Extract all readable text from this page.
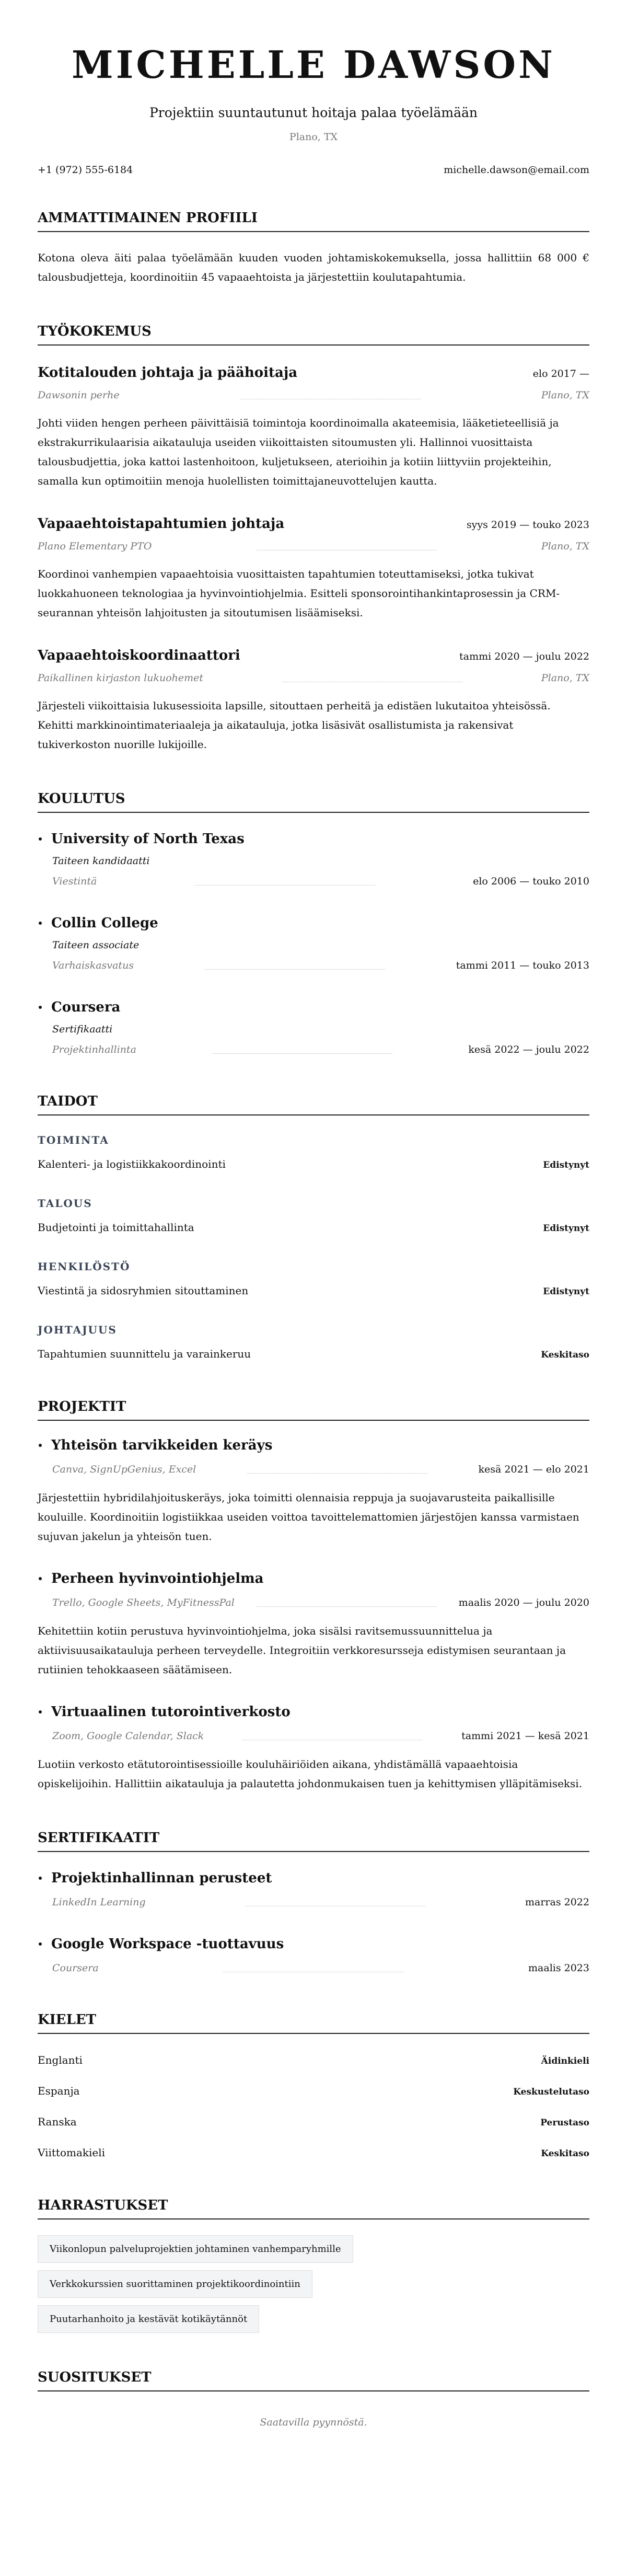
MICHELLE DAWSON
Projektiin suuntautunut hoitaja palaa työelämään
Plano, TX
+1 (972) 555-6184	michelle.dawson@email.com
AMMATTIMAINEN PROFIILI

Kotona oleva äiti palaa työelämään kuuden vuoden johtamiskokemuksella, jossa hallittiin 68 000 € talousbudjetteja, koordinoitiin 45 vapaaehtoista ja järjestettiin koulutapahtumia.

TYÖKOKEMUS
Kotitalouden johtaja ja päähoitaja	elo 2017 —
Dawsonin perhe	Plano, TX

Johti viiden hengen perheen päivittäisiä toimintoja koordinoimalla akateemisia, lääketieteellisiä ja ekstrakurrikulaarisia aikatauluja useiden viikoittaisten sitoumusten yli. Hallinnoi vuosittaista talousbudjettia, joka kattoi lastenhoitoon, kuljetukseen, aterioihin ja kotiin liittyviin projekteihin, samalla kun optimoitiin menoja huolellisten toimittajaneuvottelujen kautta.

Vapaaehtoistapahtumien johtaja	syys 2019 — touko 2023
Plano Elementary PTO	Plano, TX

Koordinoi vanhempien vapaaehtoisia vuosittaisten tapahtumien toteuttamiseksi, jotka tukivat luokkahuoneen teknologiaa ja hyvinvointiohjelmia. Esitteli sponsorointihankintaprosessin ja CRM-seurannan yhteisön lahjoitusten ja sitoutumisen lisäämiseksi.

Vapaaehtoiskoordinaattori	tammi 2020 — joulu 2022
Paikallinen kirjaston lukuohemet	Plano, TX

Järjesteli viikoittaisia lukusessioita lapsille, sitouttaen perheitä ja edistäen lukutaitoa yhteisössä. Kehitti markkinointimateriaaleja ja aikatauluja, jotka lisäsivät osallistumista ja rakensivat tukiverkoston nuorille lukijoille.

KOULUTUS
University of North Texas
Taiteen kandidaatti
Viestintä	elo 2006 — touko 2010
Collin College
Taiteen associate
Varhaiskasvatus	tammi 2011 — touko 2013
Coursera
Sertifikaatti
Projektinhallinta	kesä 2022 — joulu 2022
TAIDOT
TOIMINTA
Kalenteri- ja logistiikkakoordinointi	Edistynyt
TALOUS
Budjetointi ja toimittahallinta	Edistynyt
HENKILÖSTÖ
Viestintä ja sidosryhmien sitouttaminen	Edistynyt
JOHTAJUUS
Tapahtumien suunnittelu ja varainkeruu	Keskitaso
PROJEKTIT
Yhteisön tarvikkeiden keräys
Canva, SignUpGenius, Excel	kesä 2021 — elo 2021

Järjestettiin hybridilahjoituskeräys, joka toimitti olennaisia reppuja ja suojavarusteita paikallisille kouluille. Koordinoitiin logistiikkaa useiden voittoa tavoittelemattomien järjestöjen kanssa varmistaen sujuvan jakelun ja yhteisön tuen.

Perheen hyvinvointiohjelma
Trello, Google Sheets, MyFitnessPal	maalis 2020 — joulu 2020

Kehitettiin kotiin perustuva hyvinvointiohjelma, joka sisälsi ravitsemussuunnittelua ja aktiivisuusaikatauluja perheen terveydelle. Integroitiin verkkoresursseja edistymisen seurantaan ja rutiinien tehokkaaseen säätämiseen.

Virtuaalinen tutorointiverkosto
Zoom, Google Calendar, Slack	tammi 2021 — kesä 2021

Luotiin verkosto etätutorointisessioille kouluhäiriöiden aikana, yhdistämällä vapaaehtoisia opiskelijoihin. Hallittiin aikatauluja ja palautetta johdonmukaisen tuen ja kehittymisen ylläpitämiseksi.

SERTIFIKAATIT
Projektinhallinnan perusteet
LinkedIn Learning	marras 2022
Google Workspace -tuottavuus
Coursera	maalis 2023
KIELET
Englanti	Äidinkieli
Espanja	Keskustelutaso
Ranska	Perustaso
Viittomakieli	Keskitaso
HARRASTUKSET
Viikonlopun palveluprojektien johtaminen vanhemparyhmille
Verkkokurssien suorittaminen projektikoordinointiin
Puutarhanhoito ja kestävät kotikäytännöt
SUOSITUKSET
Saatavilla pyynnöstä.
